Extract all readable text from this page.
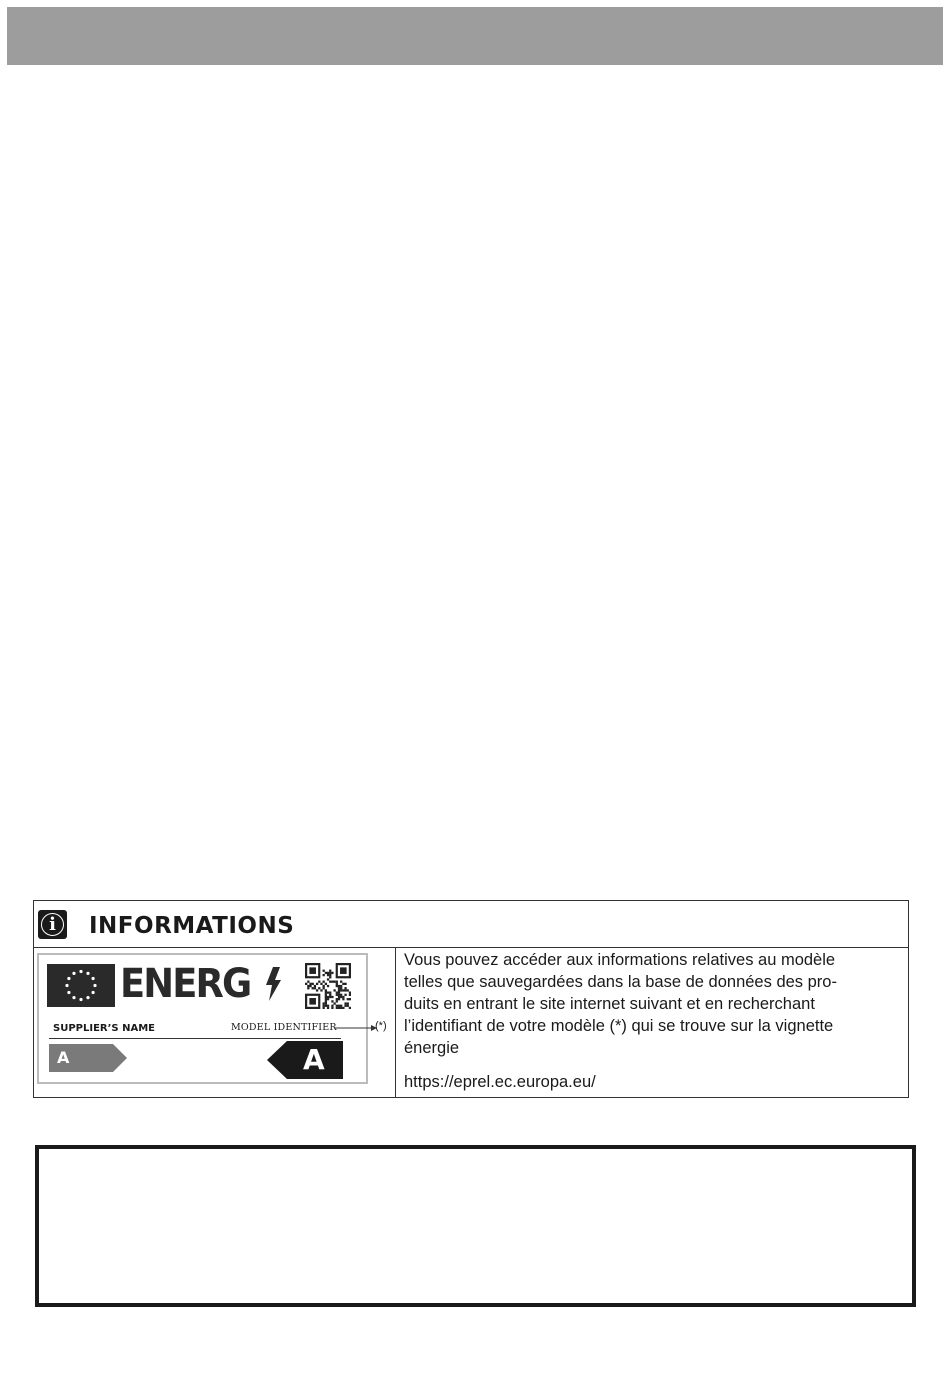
i	INFORMATIONS
ENERG
SUPPLIER’S NAME	MODEL IDENTIFIER
A	A
(*)
Vous pouvez accéder aux informations relatives au modèle
telles que sauvegardées dans la base de données des pro-
duits en entrant le site internet suivant et en recherchant
l’identifiant de votre modèle (*) qui se trouve sur la vignette
énergie
https://eprel.ec.europa.eu/
